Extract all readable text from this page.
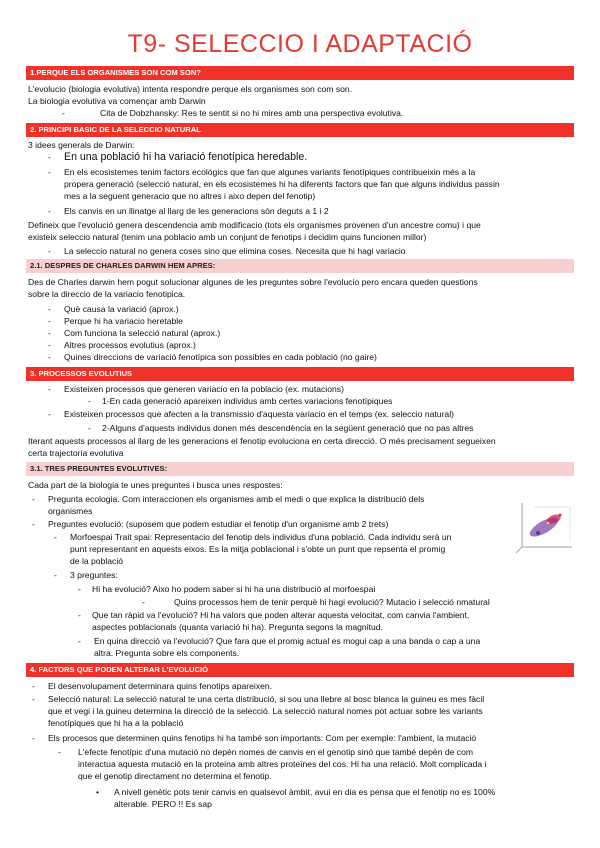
T9- SELECCIO I ADAPTACIÓ
1.PERQUE ELS ORGANISMES SON COM SON?
L'evolucio (biologia evolutiva) intenta respondre perque els organismes son com son.
La biologia evolutiva va començar amb Darwin
-	Cita de Dobzhansky: Res te sentit si no hi mires amb una perspectiva evolutiva.
2. PRINCIPI BASIC DE LA SELECCIO NATURAL
3 idees generals de Darwin:
- En una població hi ha variació fenotípica heredable.
- En els ecosistemes tenim factors ecològics que fan que algunes variants fenotípiques contribueixin més a la
propera generació (selecció natural, en els ecosistemes hi ha diferents factors que fan que alguns individus passin
mes a la seguent generacio que no altres i aixo depen del fenotip)
- Els canvis en un llinatge al llarg de les generacions són deguts a 1 i 2
Defineix que l'evolució genera descendencia amb modificacio (tots els organismes provenen d'un ancestre comu) i que
existeix seleccio natural (tenim una poblacio amb un conjunt de fenotips i decidim quins funcionen millor)
- La seleccio natural no genera coses sino que elimina coses. Necesita que hi hagi variacio
2.1. DESPRES DE CHARLES DARWIN HEM APRES:
Des de Charles darwin hem pogut solucionar algunes de les preguntes sobre l'evolucio pero encara queden questions
sobre la direccio de la variacio fenotipica.
- Què causa la variació (aprox.)
- Perque hi ha variacio heretable
- Com funciona la selecció natural (aprox.)
- Altres processos evolutius (aprox.)
- Quines direccions de variació fenotípica son possibles en cada població (no gaire)
3. PROCESSOS EVOLUTIUS
- Existeixen processos que generen variacio en la poblacio (ex. mutacions)
- 1-En cada generació apareixen individus amb certes variacions fenotípiques
- Existeixen processos que afecten a la transmissio d'aquesta variacio en el temps (ex. seleccio natural)
- 2-Alguns d'aquests individus donen més descendència en la següent generació que no pas altres
Iterant aquests processos al llarg de les generacions el fenotip evoluciona en certa direcció. O més precisament segueixen
certa trajectoria evolutiva
3.1. TRES PREGUNTES EVOLUTIVES:
Cada part de la biologia te unes preguntes i busca unes respostes:
- Pregunta ecologia. Com interaccionen els organismes amb el medi o que explica la distribució dels
organismes
- Preguntes evolució: (suposem que podem estudiar el fenotip d'un organisme amb 2 trets)
- Morfoespai Trait spai: Representacio del fenotip dels individus d'una població. Cada individu serà un
punt representant en aquests eixos. Es la mitja poblacional i s'obte un punt que repsenta el promig
de la població
- 3 preguntes:
- Hi ha evolució? Aixo ho podem saber si hi ha una distribució al morfoespai
-	Quins processos hem de tenir perquè hi hagi evolució? Mutacio i selecció nmatural
- Que tan ràpid va l'evolució? Hi ha valors que poden alterar aquesta velocitat, com canvia l'ambient,
aspectes poblacionals (quanta variació hi ha). Pregunta segons la magnitud.
- En quina direcció va l'evolució? Que fara que el promig actual es mogui cap a una banda o cap a una
altra. Pregunta sobre els components.
4. FACTORS QUE PODEN ALTERAR L'EVOLUCIÓ
- El desenvolupament determinara quins fenotips apareixen.
- Selecció natural: La selecció natural te una certa distribució, si sou una llebre al bosc blanca la guineu es mes fàcil
que et vegi i la guineu determina la direcció de la selecció. La selecció natural nomes pot actuar sobre les variants
fenotípiques que hi ha a la població
- Els procesos que determinen quins fenotips hi ha també son importants: Com per exemple: l'ambient, la mutació
- L'efecte fenotípic d'una mutació no depèn nomes de canvis en el genotip sinó que també depèn de com
interactua aquesta mutació en la proteina amb altres proteïnes del cos. Hi ha una relació. Molt complicada i
que el genotip directament no determina el fenotip.
• A nivell genètic pots tenir canvis en qualsevol àmbit, avui en dia es pensa que el fenotip no es 100%
alterable. PERO !! Es sap
